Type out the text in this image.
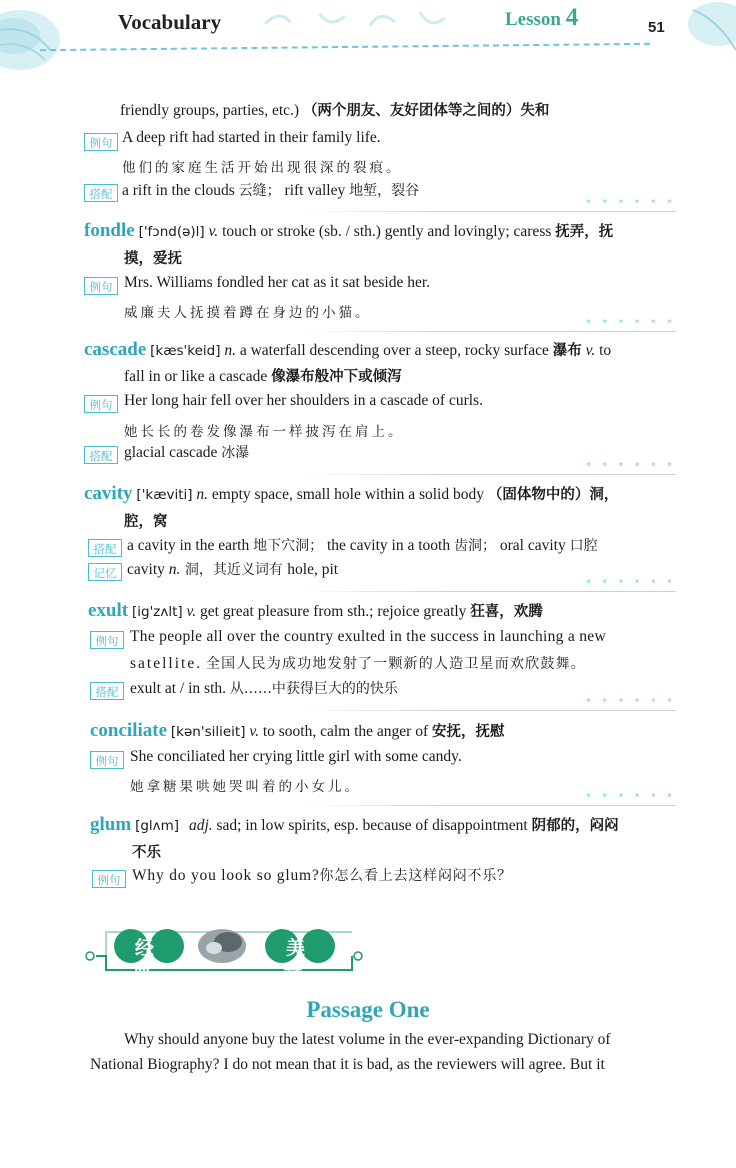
Vocabulary	Lesson 4	51
friendly groups, parties, etc.) （两个朋友、友好团体等之间的）失和
例句 A deep rift had started in their family life.
他们的家庭生活开始出现很深的裂痕。
搭配 a rift in the clouds 云缝； rift valley 地堑，裂谷
* * * * * *
fondle ['fɔnd(ə)l] v. touch or stroke (sb. / sth.) gently and lovingly; caress 抚弄，抚
摸，爱抚
例句 Mrs. Williams fondled her cat as it sat beside her.
威廉夫人抚摸着蹲在身边的小猫。
* * * * * *
cascade [kæs'keid] n. a waterfall descending over a steep, rocky surface 瀑布 v. to
fall in or like a cascade 像瀑布般冲下或倾泻
例句 Her long hair fell over her shoulders in a cascade of curls.
她长长的卷发像瀑布一样披泻在肩上。
搭配 glacial cascade 冰瀑
* * * * * *
cavity ['kæviti] n. empty space, small hole within a solid body （固体物中的）洞，
腔，窝
搭配 a cavity in the earth 地下穴洞； the cavity in a tooth 齿洞； oral cavity 口腔
记忆 cavity n. 洞，其近义词有 hole, pit
* * * * * *
exult [ig'zʌlt] v. get great pleasure from sth.; rejoice greatly 狂喜，欢腾
例句 The people all over the country exulted in the success in launching a new
satellite. 全国人民为成功地发射了一颗新的人造卫星而欢欣鼓舞。
搭配 exult at / in sth. 从……中获得巨大的的快乐
* * * * * *
conciliate [kən'silieit] v. to sooth, calm the anger of 安抚，抚慰
例句 She conciliated her crying little girl with some candy.
她拿糖果哄她哭叫着的小女儿。
* * * * * *
glum [glʌm] adj. sad; in low spirits, esp. because of disappointment 阴郁的，闷闷
不乐
例句 Why do you look so glum?你怎么看上去这样闷闷不乐？
经典
美文
Passage One
Why should anyone buy the latest volume in the ever-expanding Dictionary of
National Biography? I do not mean that it is bad, as the reviewers will agree. But it
